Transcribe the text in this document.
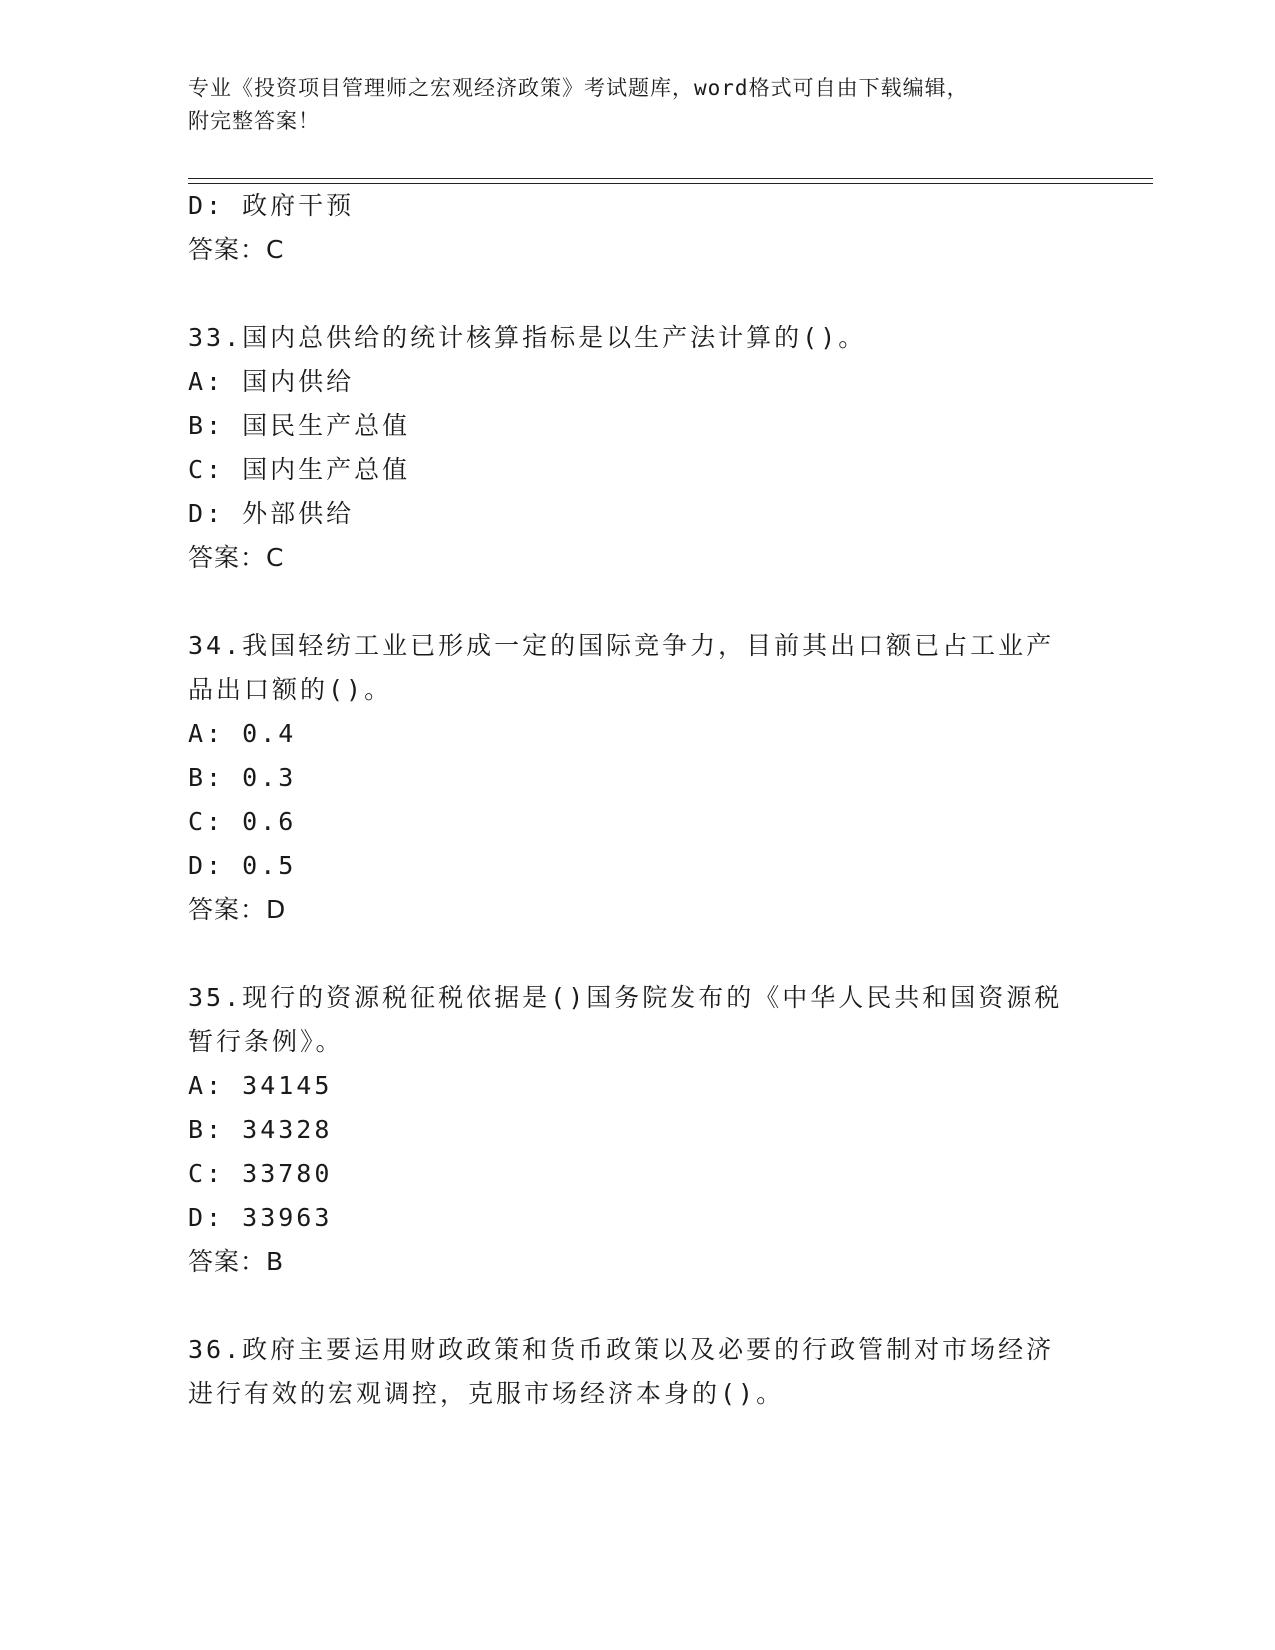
专业《投资项目管理师之宏观经济政策》考试题库，word格式可自由下载编辑，
附完整答案！
D: 政府干预
答案：C
33.国内总供给的统计核算指标是以生产法计算的()。
A: 国内供给
B: 国民生产总值
C: 国内生产总值
D: 外部供给
答案：C
34.我国轻纺工业已形成一定的国际竞争力，目前其出口额已占工业产
品出口额的()。
A: 0.4
B: 0.3
C: 0.6
D: 0.5
答案：D
35.现行的资源税征税依据是()国务院发布的《中华人民共和国资源税
暂行条例》。
A: 34145
B: 34328
C: 33780
D: 33963
答案：B
36.政府主要运用财政政策和货币政策以及必要的行政管制对市场经济
进行有效的宏观调控，克服市场经济本身的()。
